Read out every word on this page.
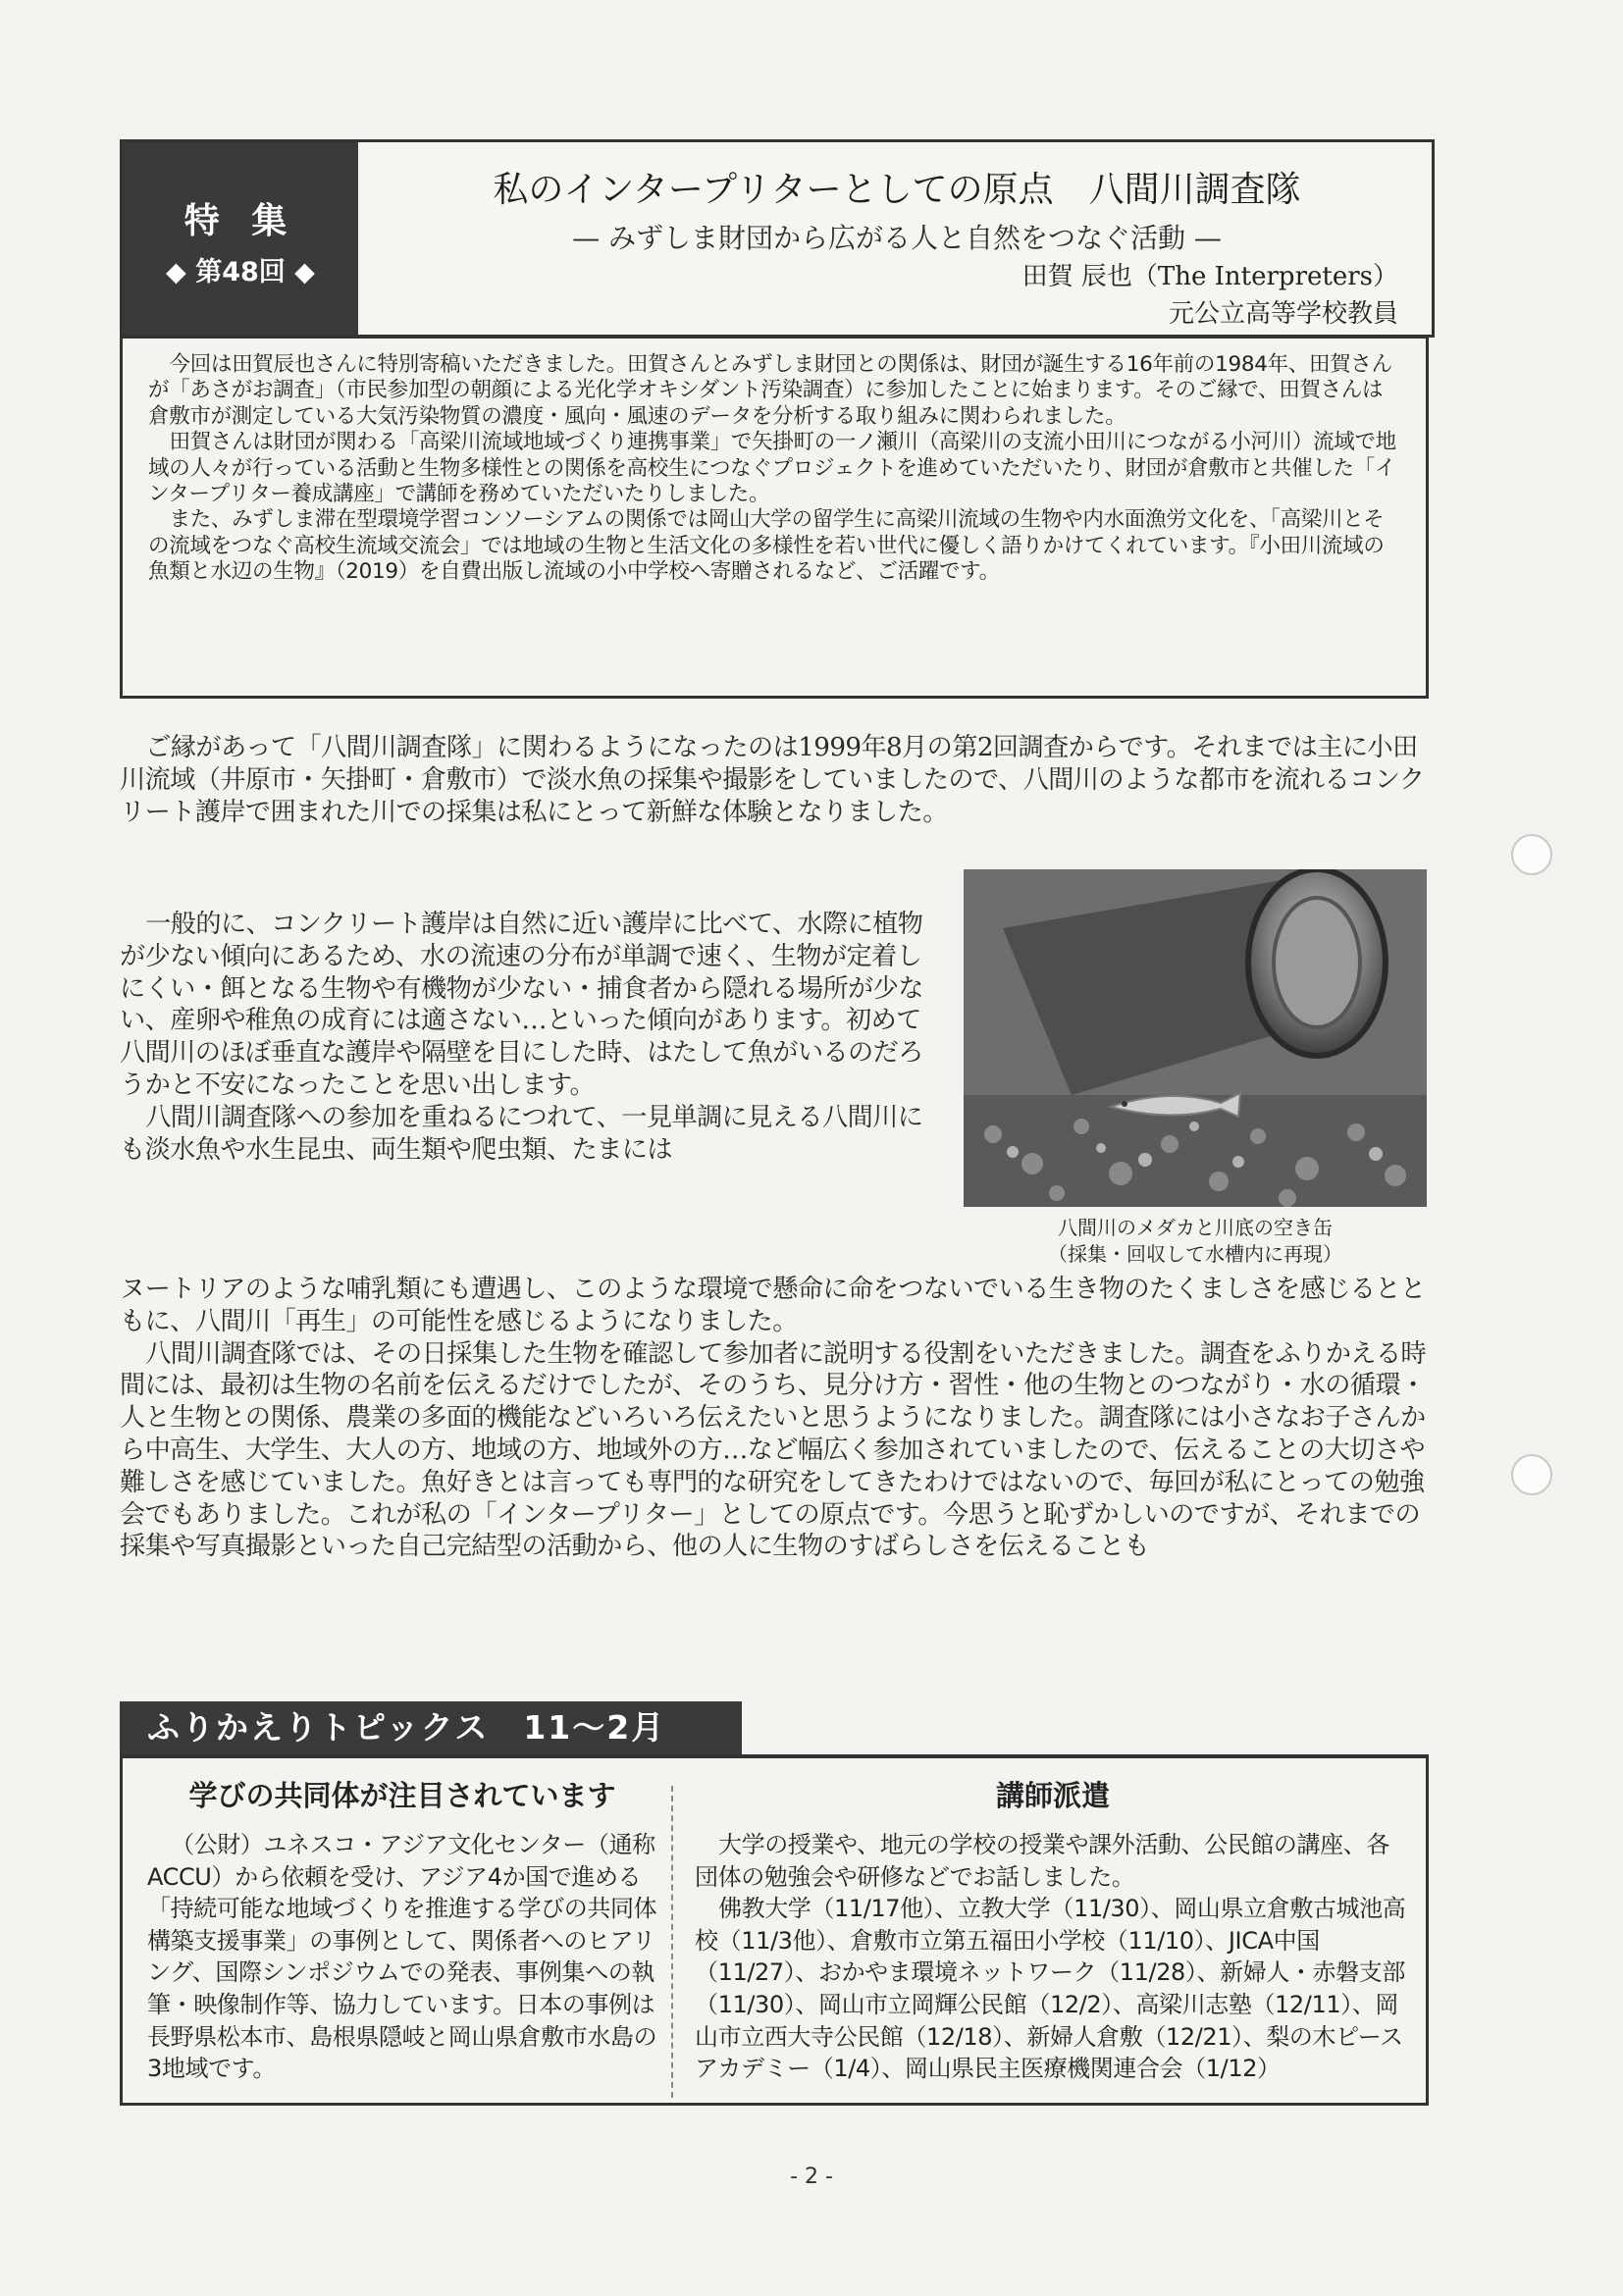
特 集
◆ 第48回 ◆
私のインタープリターとしての原点　八間川調査隊
— みずしま財団から広がる人と自然をつなぐ活動 —
田賀 辰也（The Interpreters）
元公立高等学校教員

今回は田賀辰也さんに特別寄稿いただきました。田賀さんとみずしま財団との関係は、財団が誕生する16年前の1984年、田賀さんが「あさがお調査」（市民参加型の朝顔による光化学オキシダント汚染調査）に参加したことに始まります。そのご縁で、田賀さんは倉敷市が測定している大気汚染物質の濃度・風向・風速のデータを分析する取り組みに関わられました。

田賀さんは財団が関わる「高梁川流域地域づくり連携事業」で矢掛町の一ノ瀬川（高梁川の支流小田川につながる小河川）流域で地域の人々が行っている活動と生物多様性との関係を高校生につなぐプロジェクトを進めていただいたり、財団が倉敷市と共催した「インタープリター養成講座」で講師を務めていただいたりしました。

また、みずしま滞在型環境学習コンソーシアムの関係では岡山大学の留学生に高梁川流域の生物や内水面漁労文化を、「高梁川とその流域をつなぐ高校生流域交流会」では地域の生物と生活文化の多様性を若い世代に優しく語りかけてくれています。『小田川流域の魚類と水辺の生物』（2019）を自費出版し流域の小中学校へ寄贈されるなど、ご活躍です。

ご縁があって「八間川調査隊」に関わるようになったのは1999年8月の第2回調査からです。それまでは主に小田川流域（井原市・矢掛町・倉敷市）で淡水魚の採集や撮影をしていましたので、八間川のような都市を流れるコンクリート護岸で囲まれた川での採集は私にとって新鮮な体験となりました。

一般的に、コンクリート護岸は自然に近い護岸に比べて、水際に植物が少ない傾向にあるため、水の流速の分布が単調で速く、生物が定着しにくい・餌となる生物や有機物が少ない・捕食者から隠れる場所が少ない、産卵や稚魚の成育には適さない…といった傾向があります。初めて八間川のほぼ垂直な護岸や隔壁を目にした時、はたして魚がいるのだろうかと不安になったことを思い出します。

八間川調査隊への参加を重ねるにつれて、一見単調に見える八間川にも淡水魚や水生昆虫、両生類や爬虫類、たまには

ヌートリアのような哺乳類にも遭遇し、このような環境で懸命に命をつないでいる生き物のたくましさを感じるとともに、八間川「再生」の可能性を感じるようになりました。

八間川調査隊では、その日採集した生物を確認して参加者に説明する役割をいただきました。調査をふりかえる時間には、最初は生物の名前を伝えるだけでしたが、そのうち、見分け方・習性・他の生物とのつながり・水の循環・人と生物との関係、農業の多面的機能などいろいろ伝えたいと思うようになりました。調査隊には小さなお子さんから中高生、大学生、大人の方、地域の方、地域外の方…など幅広く参加されていましたので、伝えることの大切さや難しさを感じていました。魚好きとは言っても専門的な研究をしてきたわけではないので、毎回が私にとっての勉強会でもありました。これが私の「インタープリター」としての原点です。今思うと恥ずかしいのですが、それまでの採集や写真撮影といった自己完結型の活動から、他の人に生物のすばらしさを伝えることも

八間川のメダカと川底の空き缶
（採集・回収して水槽内に再現）
ふりかえりトピックス　11～2月
学びの共同体が注目されています

（公財）ユネスコ・アジア文化センター（通称ACCU）から依頼を受け、アジア4か国で進める「持続可能な地域づくりを推進する学びの共同体構築支援事業」の事例として、関係者へのヒアリング、国際シンポジウムでの発表、事例集への執筆・映像制作等、協力しています。日本の事例は長野県松本市、島根県隠岐と岡山県倉敷市水島の3地域です。

講師派遣

大学の授業や、地元の学校の授業や課外活動、公民館の講座、各団体の勉強会や研修などでお話しました。

佛教大学（11/17他）、立教大学（11/30）、岡山県立倉敷古城池高校（11/3他）、倉敷市立第五福田小学校（11/10）、JICA中国（11/27）、おかやま環境ネットワーク（11/28）、新婦人・赤磐支部（11/30）、岡山市立岡輝公民館（12/2）、高梁川志塾（12/11）、岡山市立西大寺公民館（12/18）、新婦人倉敷（12/21）、梨の木ピースアカデミー（1/4）、岡山県民主医療機関連合会（1/12）

- 2 -
